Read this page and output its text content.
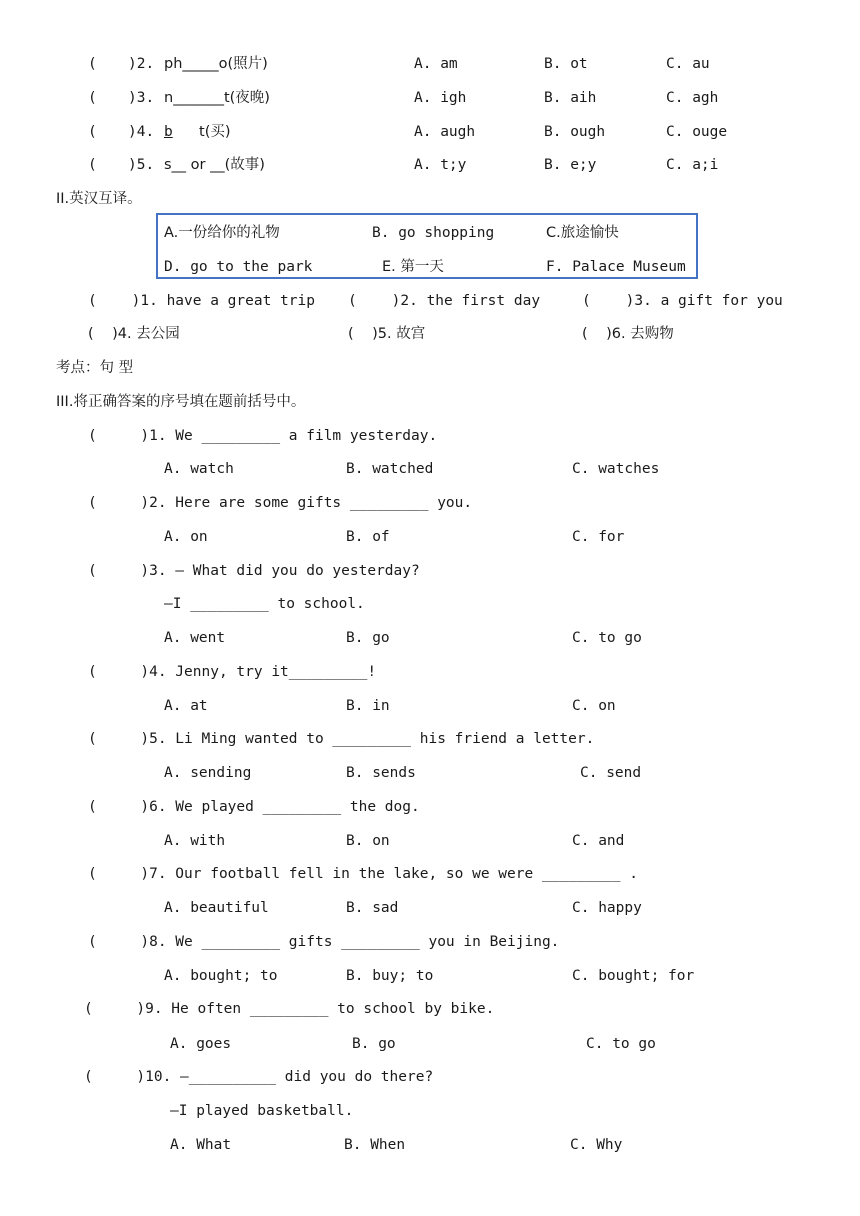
( )2. ph_____o(照片)	A. am	B. ot	C. au
( )3. n_______t(夜晚)	A. igh	B. aih	C. agh
( )4. b t(买)	A. augh	B. ough	C. ouge
( )5. s__ or __(故事)	A. t;y	B. e;y	C. a;i
II.英汉互译。
A.一份给你的礼物	B. go shopping	C.旅途愉快
D. go to the park	E. 第一天	F. Palace Museum
(    )1. have a great trip (    )2. the first day	(    )3. a gift for you
(    )4. 去公园	(    )5. 故宫	(    )6. 去购物
考点：句 型
III.将正确答案的序号填在题前括号中。
(     )1. We _________ a film yesterday.
A. watch	B. watched	C. watches
(     )2. Here are some gifts _________ you.
A. on	B. of	C. for
(     )3. — What did you do yesterday?
—I _________ to school.
A. went	B. go	C. to go
(     )4. Jenny, try it_________!
A. at	B. in	C. on
(     )5. Li Ming wanted to _________ his friend a letter.
A. sending	B. sends	C. send
(     )6. We played _________ the dog.
A. with	B. on	C. and
(     )7. Our football fell in the lake, so we were _________ .
A. beautiful	B. sad	C. happy
(     )8. We _________ gifts _________ you in Beijing.
A. bought; to	B. buy; to	C. bought; for
(     )9. He often _________ to school by bike.
A. goes	B. go	C. to go
(     )10. —__________ did you do there?
—I played basketball.
A. What	B. When	C. Why
